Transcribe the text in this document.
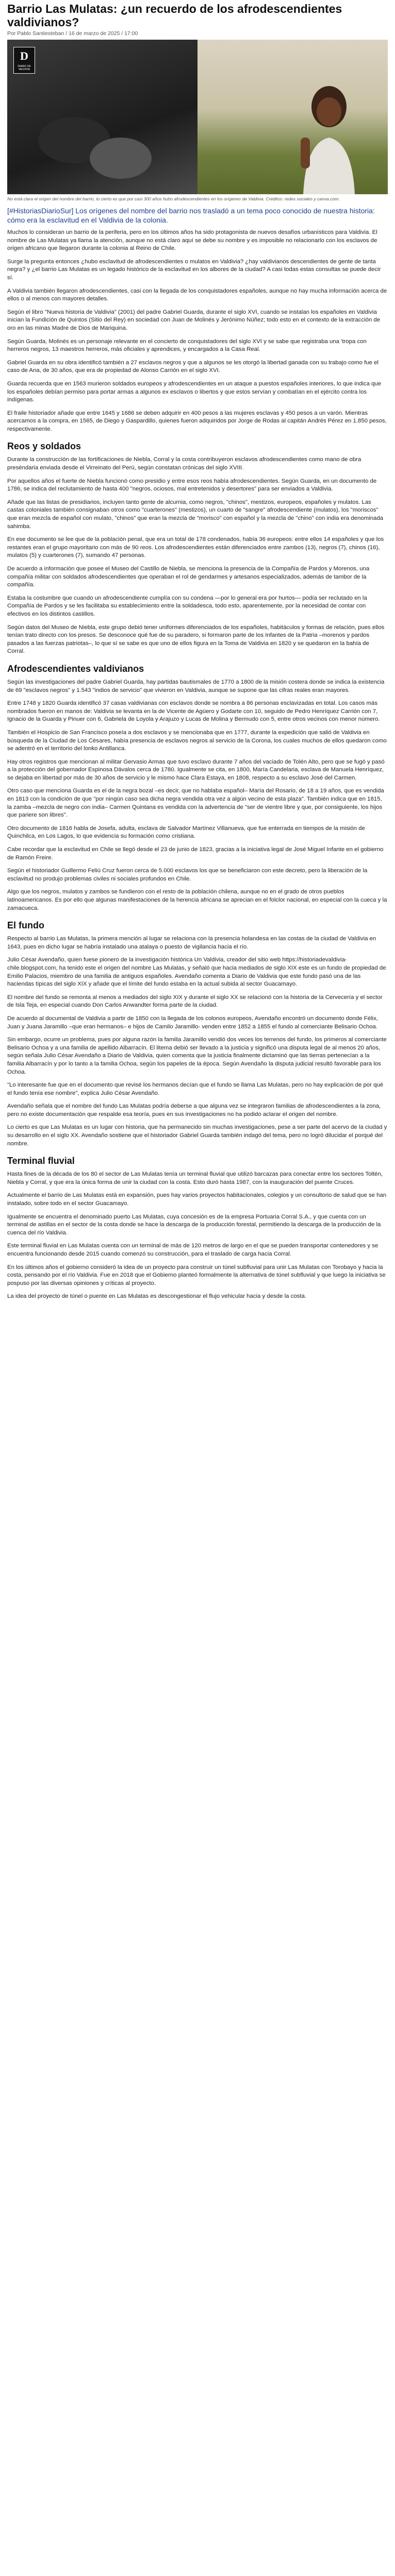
Barrio Las Mulatas: ¿un recuerdo de los afrodescendientes valdivianos?
Por Pablo Santiesteban / 16 de marzo de 2025 / 17:00
D
DIARIO DE VALDIVIA
No está clara el origen del nombre del barrio, lo cierto es que por casi 300 años hubo afrodescendientes en los orígenes de Valdivia. Créditos: redes sociales y canva.com.
[#HistoriasDiarioSur] Los orígenes del nombre del barrio nos trasladó a un tema poco conocido de nuestra historia: cómo era la esclavitud en el Valdivia de la colonia.

Muchos lo consideran un barrio de la periferia, pero en los últimos años ha sido protagonista de nuevos desafíos urbanísticos para Valdivia. El nombre de Las Mulatas ya llama la atención, aunque no está claro aquí se debe su nombre y es imposible no relacionarlo con los esclavos de origen africano que llegaron durante la colonia al Reino de Chile.

Surge la pregunta entonces ¿hubo esclavitud de afrodescendientes o mulatos en Valdivia? ¿hay valdivianos descendientes de gente de tanta negra? y ¿el barrio Las Mulatas es un legado histórico de la esclavitud en los albores de la ciudad? A casi todas estas consultas se puede decir sí.

A Valdivia también llegaron afrodescendientes, casi con la llegada de los conquistadores españoles, aunque no hay mucha información acerca de ellos o al menos con mayores detalles.

Según el libro "Nueva historia de Valdivia" (2001) del padre Gabriel Guarda, durante el siglo XVI, cuando se instalan los españoles en Valdivia inician la Fundición de Quintos (Sitio del Rey) en sociedad con Juan de Molinés y Jerónimo Núñez; todo esto en el contexto de la extracción de oro en las minas Madre de Dios de Mariquina.

Según Guarda, Molinés es un personaje relevante en el concierto de conquistadores del siglo XVI y se sabe que registraba una 'tropa con herreros negros, 13 maestros herreros, más oficiales y aprendices, y encargados a la Casa Real.

Gabriel Guarda en su obra identificó también a 27 esclavos negros y que a algunos se les otorgó la libertad ganada con su trabajo como fue el caso de Ana, de 30 años, que era de propiedad de Alonso Carrión en el siglo XVI.

Guarda recuerda que en 1563 murieron soldados europeos y afrodescendientes en un ataque a puestos españoles interiores, lo que indica que los españoles debían permiso para portar armas a algunos ex esclavos o libertos y que estos servían y combatían en el ejército contra los indígenas.

El fraile historiador añade que entre 1645 y 1686 se deben adquirir en 400 pesos a las mujeres esclavas y 450 pesos a un varón. Mientras acercamos a la compra, en 1565, de Diego y Gaspardillo, quienes fueron adquiridos por Jorge de Rodas al capitán Andrés Pérez en 1.850 pesos, respectivamente.

Reos y soldados

Durante la construcción de las fortificaciones de Niebla, Corral y la costa contribuyeron esclavos afrodescendientes como mano de obra preséndaria enviada desde el Virreinato del Perú, según constatan crónicas del siglo XVIII.

Por aquellos años el fuerte de Niebla funcionó como presidio y entre esos reos había afrodescendientes. Según Guarda, en un documento de 1786, se indica del reclutamiento de hasta 400 "negros, ociosos, mal entretenidos y desertores" para ser enviados a Valdivia.

Añade que las listas de presidiarios, incluyen tanto gente de alcurnia, como negros, "chinos", mestizos, europeos, españoles y mulatos. Las castas coloniales también consignaban otros como "cuarterones" (mestizos), un cuarto de "sangre" afrodescendiente (mulatos), los "moriscos" que eran mezcla de español con mulato, "chinos" que eran la mezcla de "morisco" con español y la mezcla de "chino" con india era denominada sahimba.

En ese documento se lee que de la población penal, que era un total de 178 condenados, había 36 europeos: entre ellos 14 españoles y que los restantes eran el grupo mayoritario con más de 90 reos. Los afrodescendientes están diferenciados entre zambos (13), negros (7), chinos (16), mulatos (5) y cuarterones (7), sumando 47 personas.

De acuerdo a información que posee el Museo del Castillo de Niebla, se menciona la presencia de la Compañía de Pardos y Morenos, una compañía militar con soldados afrodescendientes que operaban el rol de gendarmes y artesanos especializados, además de tambor de la compañía.

Estaba la costumbre que cuando un afrodescendiente cumplía con su condena —por lo general era por hurtos— podía ser reclutado en la Compañía de Pardos y se les facilitaba su establecimiento entre la soldadesca, todo esto, aparentemente, por la necesidad de contar con efectivos en los distintos castillos.

Según datos del Museo de Niebla, este grupo debió tener uniformes diferenciados de los españoles, habitáculos y formas de relación, pues ellos tenían trato directo con los presos. Se desconoce qué fue de su paradero, si formaron parte de los Infantes de la Patria –morenos y pardos pasados a las fuerzas patriotas–, lo que sí se sabe es que uno de ellos figura en la Toma de Valdivia en 1820 y se quedaron en la bahía de Corral.

Afrodescendientes valdivianos

Según las investigaciones del padre Gabriel Guarda, hay partidas bautismales de 1770 a 1800 de la misión costera donde se indica la existencia de 69 "esclavos negros" y 1.543 "indios de servicio" que vivieron en Valdivia, aunque se supone que las cifras reales eran mayores.

Entre 1748 y 1820 Guarda identificó 37 casas valdivianas con esclavos donde se nombra a 86 personas esclavizadas en total. Los casos más nombrados fueron en manos de: Valdivia se levanta en la de Vicente de Agüero y Godarte con 10, seguido de Pedro Henríquez Carrión con 7, Ignacio de la Guarda y Pinuer con 6, Gabriela de Loyola y Arajuzo y Lucas de Molina y Bermudo con 5, entre otros vecinos con menor número.

También el Hospicio de San Francisco poseía a dos esclavos y se mencionaba que en 1777, durante la expedición que salió de Valdivia en búsqueda de la Ciudad de Los Césares, había presencia de esclavos negros al servicio de la Corona, los cuales muchos de ellos quedaron como se adentró en el territorio del lonko Antillanca.

Hay otros registros que mencionan al militar Gervasio Armas que tuvo esclavo durante 7 años del vaciado de Tolén Alto, pero que se fugó y pasó a la protección del gobernador Espinosa Dávalos cerca de 1780. Igualmente se cita, en 1800, María Candelaria, esclava de Manuela Henríquez, se dejaba en libertad por más de 30 años de servicio y le mismo hace Clara Estaya, en 1808, respecto a su esclavo José del Carmen.

Otro caso que menciona Guarda es el de la negra bozal –es decir, que no hablaba español– María del Rosario, de 18 a 19 años, que es vendida en 1813 con la condición de que "por ningún caso sea dicha negra vendida otra vez a algún vecino de esta plaza". También indica que en 1815, la zamba –mezcla de negro con india– Carmen Quintana es vendida con la advertencia de "ser de vientre libre y que, por consiguiente, los hijos que pariere son libres".

Otro documento de 1816 habla de Josefa, adulta, esclava de Salvador Martínez Villanueva, que fue enterrada en tiempos de la misión de Quinchilca, en Los Lagos, lo que evidencia su formación como cristiana.

Cabe recordar que la esclavitud en Chile se llegó desde el 23 de junio de 1823, gracias a la iniciativa legal de José Miguel Infante en el gobierno de Ramón Freire.

Según el historiador Guillermo Feliú Cruz fueron cerca de 5.000 esclavos los que se beneficiaron con este decreto, pero la liberación de la esclavitud no produjo problemas civiles ni sociales profundos en Chile.

Algo que los negros, mulatos y zambos se fundieron con el resto de la población chilena, aunque no en el grado de otros pueblos latinoamericanos. Es por ello que algunas manifestaciones de la herencia africana se aprecian en el folclor nacional, en especial con la cueca y la zamacueca.

El fundo

Respecto al barrio Las Mulatas, la primera mención al lugar se relaciona con la presencia holandesa en las costas de la ciudad de Valdivia en 1643, pues en dicho lugar se habría instalado una atalaya o puesto de vigilancia hacia el río.

Julio César Avendaño, quien fuese pionero de la investigación histórica Un Valdivia, creador del sitio web https://historiadevaldivia-chile.blogspot.com, ha tenido este el origen del nombre Las Mulatas, y señaló que hacia mediados de siglo XIX este es un fundo de propiedad de Emilio Palacios, miembro de una familia de antiguos españoles. Avendaño comenta a Diario de Valdivia que este fundo pasó una de las haciendas típicas del siglo XIX y añade que el límite del fundo estaba en la actual subida al sector Guacamayo.

El nombre del fundo se remonta al menos a mediados del siglo XIX y durante el siglo XX se relacionó con la historia de la Cervecería y el sector de Isla Teja, en especial cuando Don Carlos Anwandter forma parte de la ciudad.

De acuerdo al documental de Valdivia a partir de 1850 con la llegada de los colonos europeos, Avendaño encontró un documento donde Félix, Juan y Juana Jaramillo –que eran hermanos– e hijos de Camilo Jaramillo- venden entre 1852 a 1855 el fundo al comerciante Belisario Ochoa.

Sin embargo, ocurre un problema, pues por alguna razón la familia Jaramillo vendió dos veces los terrenos del fundo, los primeros al comerciante Belisario Ochoa y a una familia de apellido Albarracín. El litema debió ser llevado a la justicia y significó una disputa legal de al menos 20 años, según señala Julio César Avendaño a Diario de Valdivia, quien comenta que la justicia finalmente dictaminó que las tierras pertenecían a la familia Albarracín y por lo tanto a la familia Ochoa, según los papeles de la época. Según Avendaño la disputa judicial resultó favorable para los Ochoa.

"Lo interesante fue que en el documento que revisé los hermanos decían que el fundo se llama Las Mulatas, pero no hay explicación de por qué el fundo tenía ese nombre", explica Julio César Avendaño.

Avendaño señala que el nombre del fundo Las Mulatas podría deberse a que alguna vez se integraron familias de afrodescendientes a la zona, pero no existe documentación que respalde esa teoría, pues en sus investigaciones no ha podido aclarar el origen del nombre.

Lo cierto es que Las Mulatas es un lugar con historia, que ha permanecido sin muchas investigaciones, pese a ser parte del acervo de la ciudad y su desarrollo en el siglo XX. Avendaño sostiene que el historiador Gabriel Guarda también indagó del tema, pero no logró dilucidar el porqué del nombre.

Terminal fluvial

Hasta fines de la década de los 80 el sector de Las Mulatas tenía un terminal fluvial que utilizó barcazas para conectar entre los sectores Toltén, Niebla y Corral, y que era la única forma de unir la ciudad con la costa. Esto duró hasta 1987, con la inauguración del puente Cruces.

Actualmente el barrio de Las Mulatas está en expansión, pues hay varios proyectos habitacionales, colegios y un consultorio de salud que se han instalado, sobre todo en el sector Guacamayo.

Igualmente se encuentra el denominado puerto Las Mulatas, cuya concesión es de la empresa Portuaria Corral S.A., y que cuenta con un terminal de astillas en el sector de la costa donde se hace la descarga de la producción forestal, permitiendo la descarga de la producción de la cuenca del río Valdivia.

Este terminal fluvial en Las Mulatas cuenta con un terminal de más de 120 metros de largo en el que se pueden transportar contenedores y se encuentra funcionando desde 2015 cuando comenzó su construcción, para el traslado de carga hacia Corral.

En los últimos años el gobierno consideró la idea de un proyecto para construir un túnel subfluvial para unir Las Mulatas con Torobayo y hacia la costa, pensando por el río Valdivia. Fue en 2018 que el Gobierno planteó formalmente la alternativa de túnel subfluvial y que luego la iniciativa se pospuso por las diversas opiniones y críticas al proyecto.

La idea del proyecto de túnel o puente en Las Mulatas es descongestionar el flujo vehicular hacia y desde la costa.
